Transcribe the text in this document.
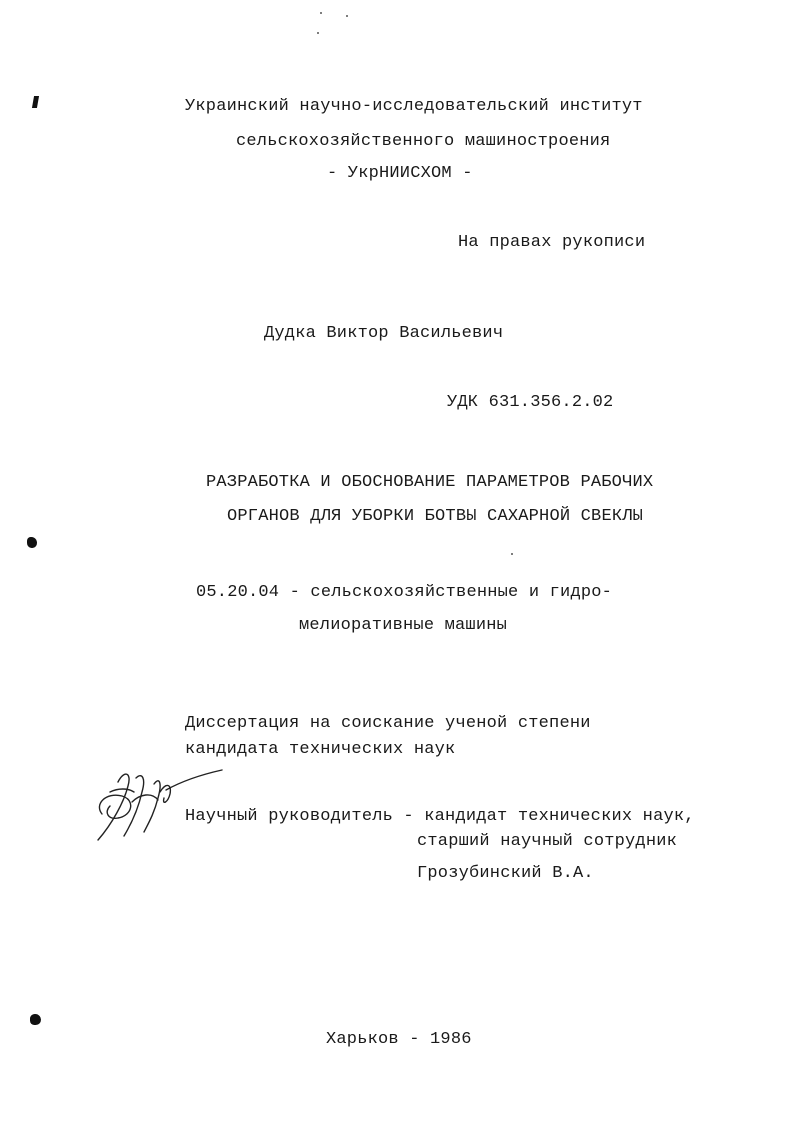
Украинский научно-исследовательский институт
сельскохозяйственного машиностроения
- УкрНИИСХОМ -
На правах рукописи
Дудка Виктор Васильевич
УДК 631.356.2.02
РАЗРАБОТКА И ОБОСНОВАНИЕ ПАРАМЕТРОВ РАБОЧИХ
ОРГАНОВ ДЛЯ УБОРКИ БОТВЫ САХАРНОЙ СВЕКЛЫ
05.20.04 - сельскохозяйственные и гидро-
мелиоративные машины
Диссертация на соискание ученой степени
кандидата технических наук
Научный руководитель - кандидат технических наук,
старший научный сотрудник
Грозубинский В.А.
Харьков - 1986
